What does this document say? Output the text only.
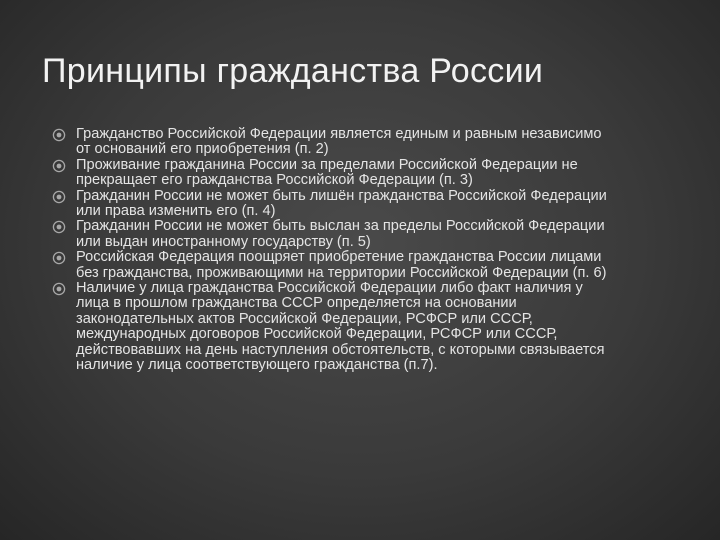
Принципы гражданства России
Гражданство Российской Федерации является единым и равным независимо от оснований его приобретения (п. 2)
Проживание гражданина России за пределами Российской Федерации не прекращает его гражданства Российской Федерации (п. 3)
Гражданин России не может быть лишён гражданства Российской Федерации или права изменить его (п. 4)
Гражданин России не может быть выслан за пределы Российской Федерации или выдан иностранному государству (п. 5)
Российская Федерация поощряет приобретение гражданства России лицами без гражданства, проживающими на территории Российской Федерации (п. 6)
Наличие у лица гражданства Российской Федерации либо факт наличия у лица в прошлом гражданства СССР определяется на основании законодательных актов Российской Федерации, РСФСР или СССР, международных договоров Российской Федерации, РСФСР или СССР, действовавших на день наступления обстоятельств, с которыми связывается наличие у лица соответствующего гражданства (п.7).
